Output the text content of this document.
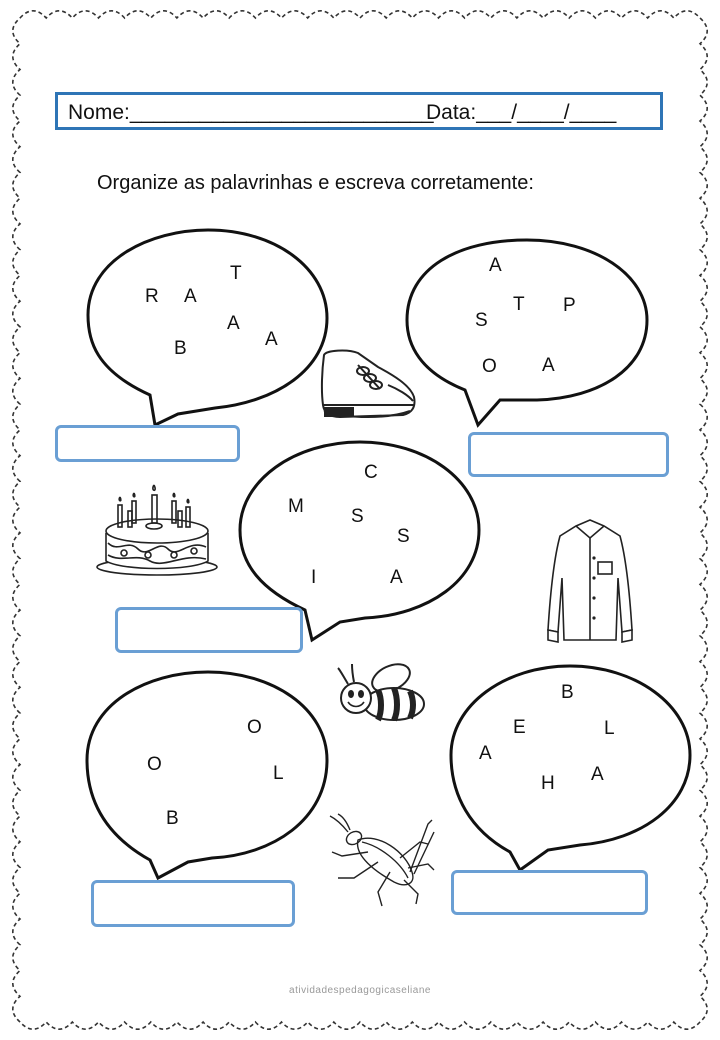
Nome:__________________________
Data:___/____/____
Organize as palavrinhas e escreva corretamente:
T
R A
A
A
B
A
T P
S
O A
C
M S
S
I	A
O
O	L
B
B
E	L
A
A
H
atividadespedagogicaseliane
